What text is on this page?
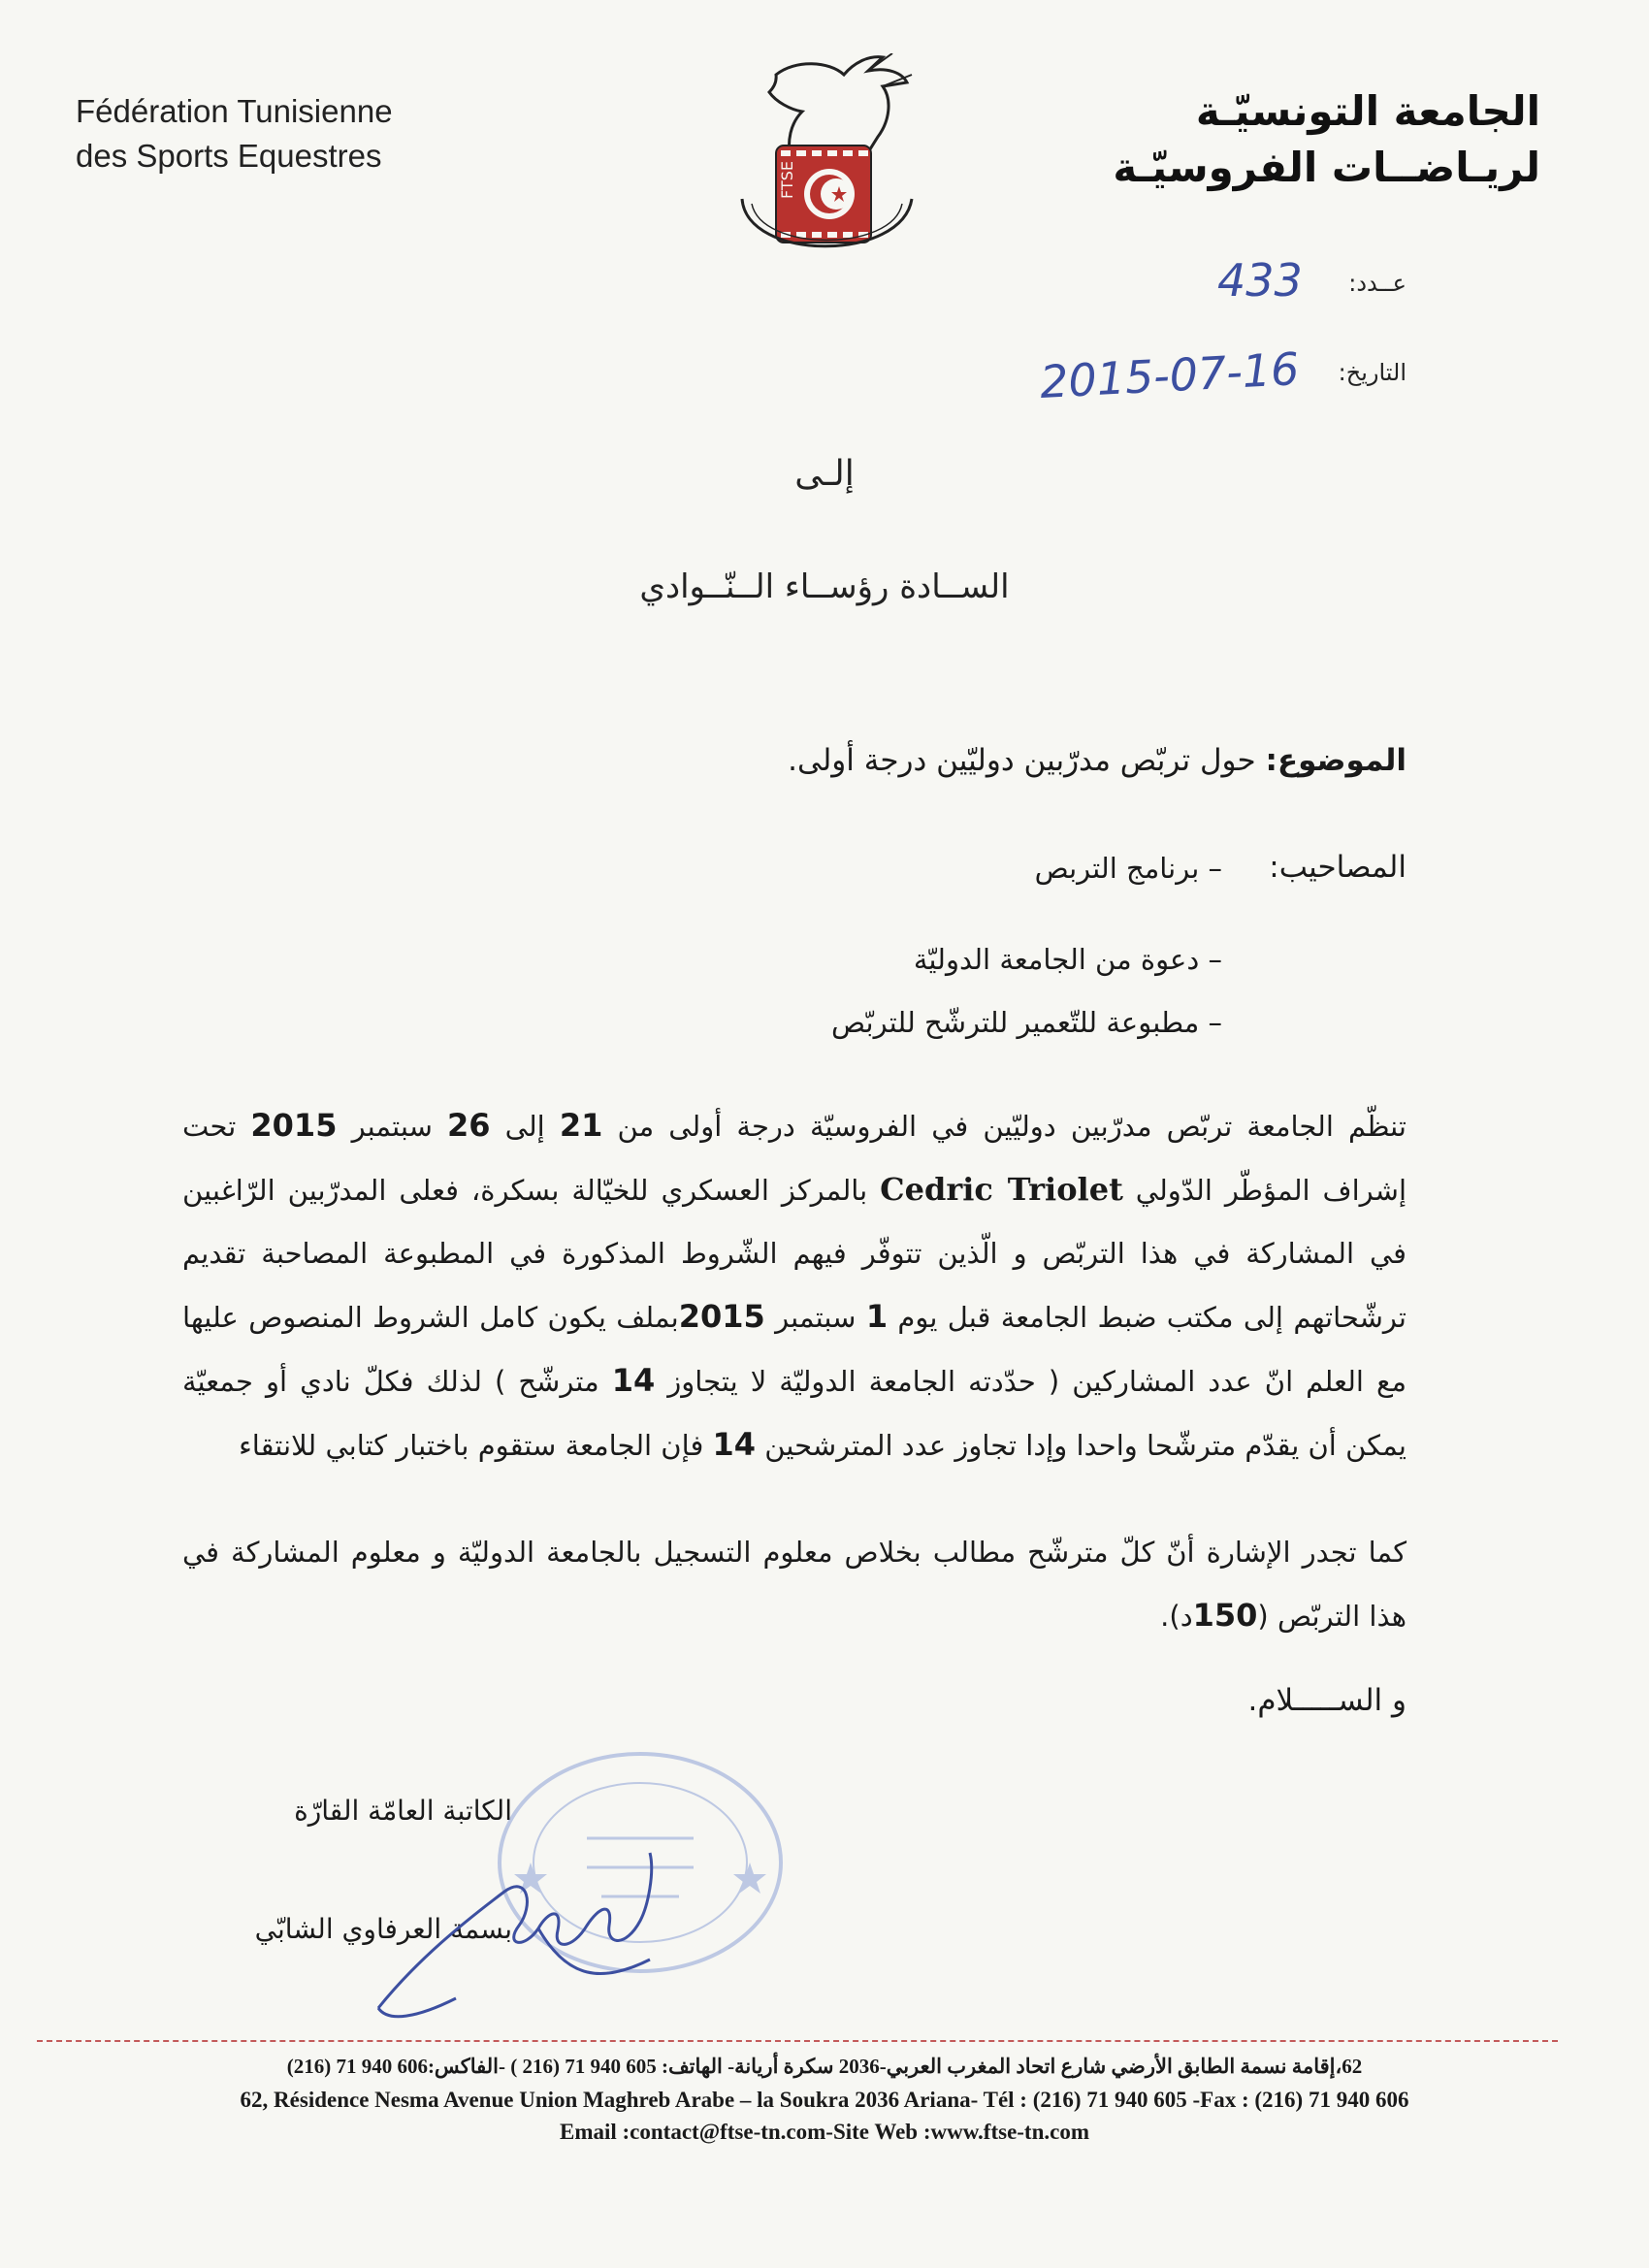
Fédération Tunisienne
des Sports Equestres
الجامعة التونسيّـة
لريـاضــات الفروسيّـة
FTSE
عــدد:
433
التاريخ:
2015-07-16
إلـى
الســادة رؤســاء الــنّــوادي
الموضوع: حول تربّص مدرّبين دوليّين درجة أولى.
المصاحيب:
– برنامج التربص
– دعوة من الجامعة الدوليّة
– مطبوعة للتّعمير للترشّح للتربّص
تنظّم الجامعة تربّص مدرّبين دوليّين في الفروسيّة درجة أولى من 21 إلى 26 سبتمبر 2015 تحت إشراف المؤطّر الدّولي Cedric Triolet بالمركز العسكري للخيّالة بسكرة، فعلى المدرّبين الرّاغبين في المشاركة في هذا التربّص و الّذين تتوفّر فيهم الشّروط المذكورة في المطبوعة المصاحبة تقديم ترشّحاتهم إلى مكتب ضبط الجامعة قبل يوم 1 سبتمبر 2015بملف يكون كامل الشروط المنصوص عليها مع العلم انّ عدد المشاركين ( حدّدته الجامعة الدوليّة لا يتجاوز 14 مترشّح ) لذلك فكلّ نادي أو جمعيّة يمكن أن يقدّم مترشّحا واحدا وإدا تجاوز عدد المترشحين 14 فإن الجامعة ستقوم باختبار كتابي للانتقاء
كما تجدر الإشارة أنّ كلّ مترشّح مطالب بخلاص معلوم التسجيل بالجامعة الدوليّة و معلوم المشاركة في هذا التربّص (150د).
و الســـــلام.
الكاتبة العامّة القارّة
بسمة العرفاوي الشابّي
62،إقامة نسمة الطابق الأرضي شارع اتحاد المغرب العربي-2036 سكرة أريانة- الهاتف: 605 940 71 (216 ) -الفاكس:606 940 71 (216)
62, Résidence Nesma Avenue Union Maghreb Arabe – la Soukra 2036 Ariana- Tél : (216) 71 940 605 -Fax : (216) 71 940 606
Email :contact@ftse-tn.com-Site Web :www.ftse-tn.com
